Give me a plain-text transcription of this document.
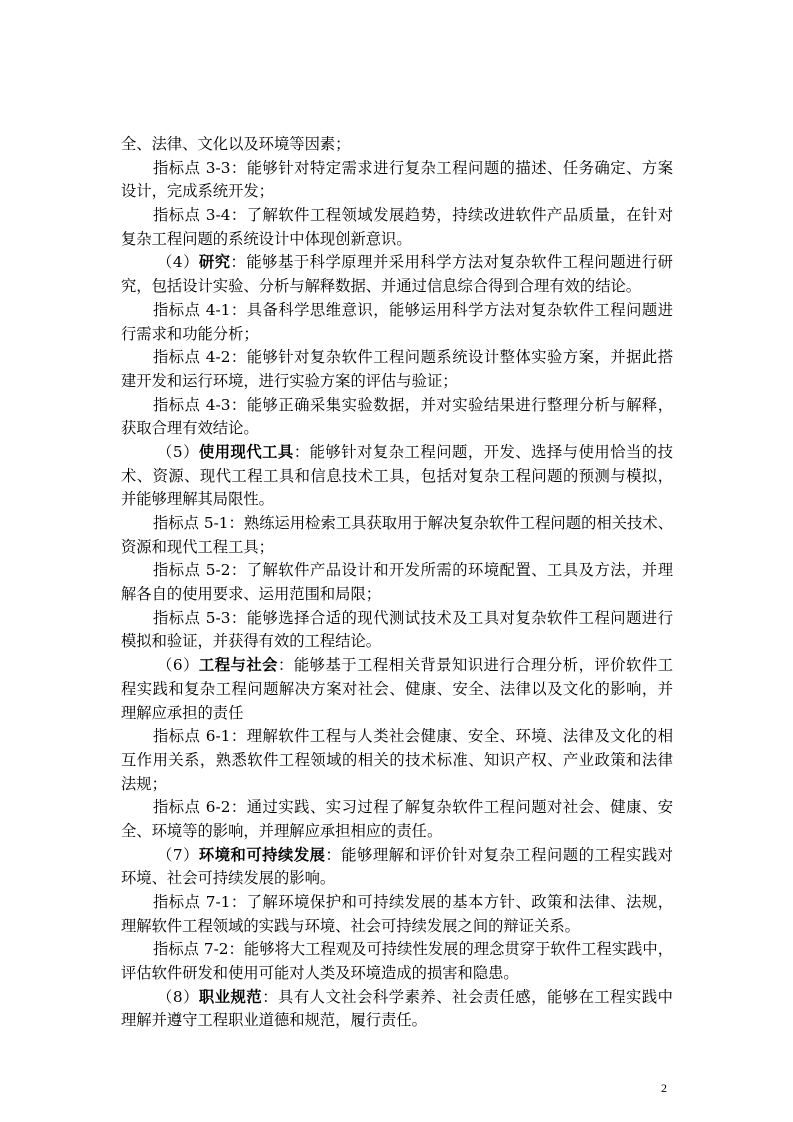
全、法律、文化以及环境等因素；
指标点 3-3：能够针对特定需求进行复杂工程问题的描述、任务确定、方案
设计，完成系统开发；
指标点 3-4：了解软件工程领域发展趋势，持续改进软件产品质量，在针对
复杂工程问题的系统设计中体现创新意识。
（4）研究：能够基于科学原理并采用科学方法对复杂软件工程问题进行研
究，包括设计实验、分析与解释数据、并通过信息综合得到合理有效的结论。
指标点 4-1：具备科学思维意识，能够运用科学方法对复杂软件工程问题进
行需求和功能分析；
指标点 4-2：能够针对复杂软件工程问题系统设计整体实验方案，并据此搭
建开发和运行环境，进行实验方案的评估与验证；
指标点 4-3：能够正确采集实验数据，并对实验结果进行整理分析与解释，
获取合理有效结论。
（5）使用现代工具：能够针对复杂工程问题，开发、选择与使用恰当的技
术、资源、现代工程工具和信息技术工具，包括对复杂工程问题的预测与模拟，
并能够理解其局限性。
指标点 5-1：熟练运用检索工具获取用于解决复杂软件工程问题的相关技术、
资源和现代工程工具；
指标点 5-2：了解软件产品设计和开发所需的环境配置、工具及方法，并理
解各自的使用要求、运用范围和局限；
指标点 5-3：能够选择合适的现代测试技术及工具对复杂软件工程问题进行
模拟和验证，并获得有效的工程结论。
（6）工程与社会：能够基于工程相关背景知识进行合理分析，评价软件工
程实践和复杂工程问题解决方案对社会、健康、安全、法律以及文化的影响，并
理解应承担的责任
指标点 6-1：理解软件工程与人类社会健康、安全、环境、法律及文化的相
互作用关系，熟悉软件工程领域的相关的技术标准、知识产权、产业政策和法律
法规；
指标点 6-2：通过实践、实习过程了解复杂软件工程问题对社会、健康、安
全、环境等的影响，并理解应承担相应的责任。
（7）环境和可持续发展：能够理解和评价针对复杂工程问题的工程实践对
环境、社会可持续发展的影响。
指标点 7-1：了解环境保护和可持续发展的基本方针、政策和法律、法规，
理解软件工程领域的实践与环境、社会可持续发展之间的辩证关系。
指标点 7-2：能够将大工程观及可持续性发展的理念贯穿于软件工程实践中，
评估软件研发和使用可能对人类及环境造成的损害和隐患。
（8）职业规范：具有人文社会科学素养、社会责任感，能够在工程实践中
理解并遵守工程职业道德和规范，履行责任。
2
